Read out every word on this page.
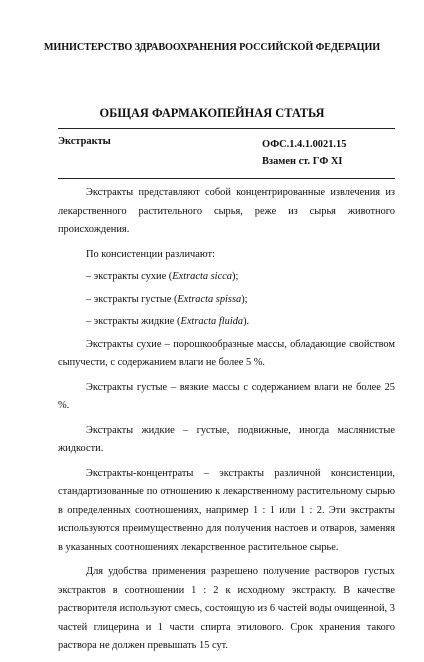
МИНИСТЕРСТВО ЗДРАВООХРАНЕНИЯ РОССИЙСКОЙ ФЕДЕРАЦИИ
ОБЩАЯ ФАРМАКОПЕЙНАЯ СТАТЬЯ
Экстракты	ОФС.1.4.1.0021.15
Взамен ст. ГФ XI

Экстракты представляют собой концентрированные извлечения из лекарственного растительного сырья, реже из сырья животного происхождения.

По консистенции различают:

– экстракты сухие (Extracta sicca);

– экстракты густые (Extracta spissa);

– экстракты жидкие (Extracta fluida).

Экстракты сухие – порошкообразные массы, обладающие свойством сыпучести, с содержанием влаги не более 5 %.

Экстракты густые – вязкие массы с содержанием влаги не более 25 %.

Экстракты жидкие – густые, подвижные, иногда маслянистые жидкости.

Экстракты-концентраты – экстракты различной консистенции, стандартизованные по отношению к лекарственному растительному сырью в определенных соотношениях, например 1 : 1 или 1 : 2. Эти экстракты используются преимущественно для получения настоев и отваров, заменяя в указанных соотношениях лекарственное растительное сырье.

Для удобства применения разрешено получение растворов густых экстрактов в соотношении 1 : 2 к исходному экстракту. В качестве растворителя используют смесь, состоящую из 6 частей воды очищенной, 3 частей глицерина и 1 части спирта этилового. Срок хранения такого раствора не должен превышать 15 сут.
